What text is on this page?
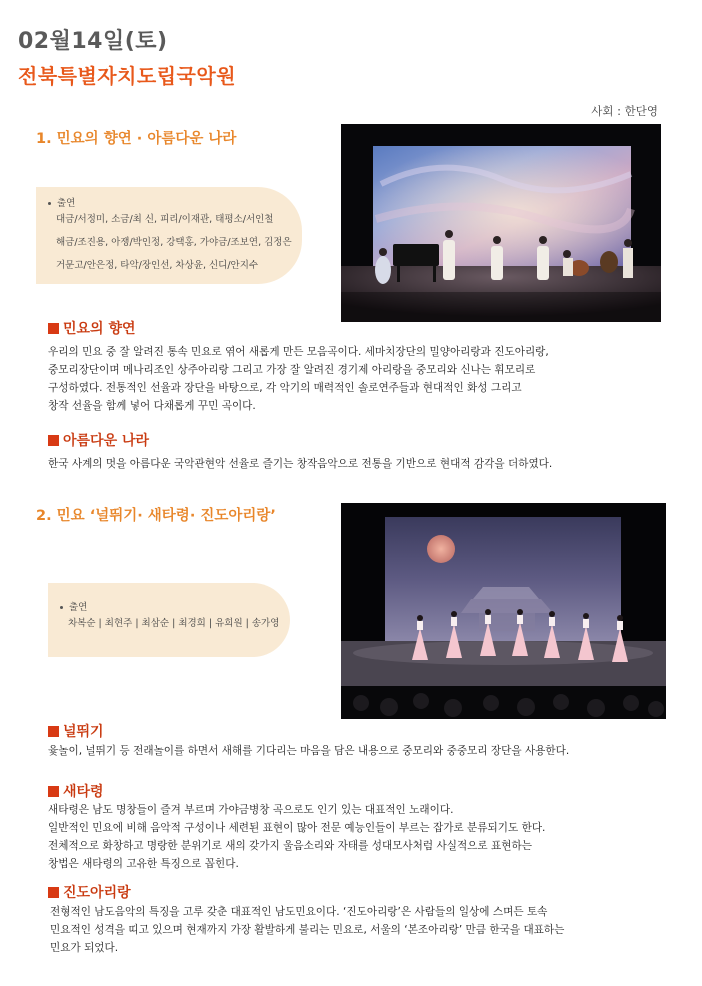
02월14일(토)
전북특별자치도립국악원
사회 : 한단영
1. 민요의 향연 · 아름다운 나라
출연
대금/서정미, 소금/최 신, 피리/이재관, 태평소/서인철
해금/조진용, 아쟁/박인정, 강택홍, 가야금/조보연, 김정은
거문고/안은정, 타악/장인선, 차상윤, 신디/안지수
민요의 향연
우리의 민요 중 잘 알려진 통속 민요로 엮어 새롭게 만든 모음곡이다. 세마치장단의 밀양아리랑과 진도아리랑,
중모리장단이며 메나리조인 상주아리랑 그리고 가장 잘 알려진 경기제 아리랑을 중모리와 신나는 휘모리로
구성하였다. 전통적인 선율과 장단을 바탕으로, 각 악기의 매력적인 솔로연주들과 현대적인 화성 그리고
창작 선율을 함께 넣어 다채롭게 꾸민 곡이다.
아름다운 나라
한국 사계의 멋을 아름다운 국악관현악 선율로 즐기는 창작음악으로 전통을 기반으로 현대적 감각을 더하였다.
2. 민요 ‘널뛰기· 새타령· 진도아리랑’
출연
차복순 | 최현주 | 최삼순 | 최경희 | 유희원 | 송가영
널뛰기
윷놀이, 널뛰기 등 전래놀이를 하면서 새해를 기다리는 마음을 담은 내용으로 중모리와 중중모리 장단을 사용한다.
새타령
새타령은 남도 명창들이 즐겨 부르며 가야금병창 곡으로도 인기 있는 대표적인 노래이다.
일반적인 민요에 비해 음악적 구성이나 세련된 표현이 많아 전문 예능인들이 부르는 잡가로 분류되기도 한다.
전체적으로 화창하고 명랑한 분위기로 새의 갖가지 울음소리와 자태를 성대모사처럼 사실적으로 표현하는
창법은 새타령의 고유한 특징으로 꼽힌다.
진도아리랑
전형적인 남도음악의 특징을 고루 갖춘 대표적인 남도민요이다. ‘진도아리랑’은 사람들의 일상에 스며든 토속
민요적인 성격을 띠고 있으며 현재까지 가장 활발하게 불리는 민요로, 서울의 ‘본조아리랑’ 만큼 한국을 대표하는
민요가 되었다.
